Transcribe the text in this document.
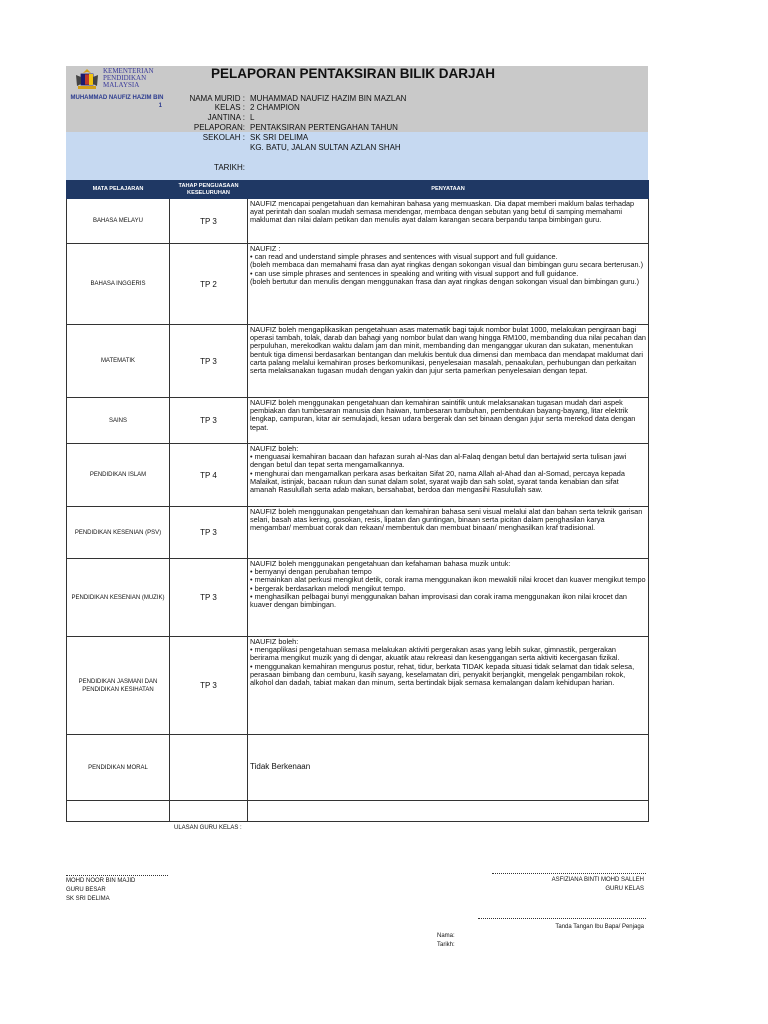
KEMENTERIAN
PENDIDIKAN
MALAYSIA
MUHAMMAD NAUFIZ HAZIM BIN
1
PELAPORAN PENTAKSIRAN BILIK DARJAH
NAMA MURID : MUHAMMAD NAUFIZ HAZIM BIN MAZLAN
KELAS : 2 CHAMPION
JANTINA : L
PELAPORAN: PENTAKSIRAN PERTENGAHAN TAHUN
SEKOLAH : SK SRI DELIMA
KG. BATU, JALAN SULTAN AZLAN SHAH
TARIKH:
MATA PELAJARAN	TAHAP PENGUASAAN KESELURUHAN	PENYATAAN
BAHASA MELAYU	TP 3	NAUFIZ mencapai pengetahuan dan kemahiran bahasa yang memuaskan. Dia dapat memberi maklum balas terhadap ayat perintah dan soalan mudah semasa mendengar, membaca dengan sebutan yang betul di samping memahami maklumat dan nilai dalam petikan dan menulis ayat dalam karangan secara berpandu tanpa bimbingan guru.
BAHASA INGGERIS	TP 2	NAUFIZ :
• can read and understand simple phrases and sentences with visual support and full guidance.
(boleh membaca dan memahami frasa dan ayat ringkas dengan sokongan visual dan bimbingan guru secara berterusan.)
• can use simple phrases and sentences in speaking and writing with visual support and full guidance.
(boleh bertutur dan menulis dengan menggunakan frasa dan ayat ringkas dengan sokongan visual dan bimbingan guru.)
MATEMATIK	TP 3	NAUFIZ boleh mengaplikasikan pengetahuan asas matematik bagi tajuk nombor bulat 1000, melakukan pengiraan bagi operasi tambah, tolak, darab dan bahagi yang nombor bulat dan wang hingga RM100, membanding dua nilai pecahan dan perpuluhan, merekodkan waktu dalam jam dan minit, membanding dan menganggar ukuran dan sukatan, menentukan bentuk tiga dimensi berdasarkan bentangan dan melukis bentuk dua dimensi dan membaca dan mendapat maklumat dari carta palang melalui kemahiran proses berkomunikasi, penyelesaian masalah, penaakulan, perhubungan dan perkaitan serta melaksanakan tugasan mudah dengan yakin dan jujur serta pamerkan penyelesaian dengan tepat.
SAINS	TP 3	NAUFIZ boleh menggunakan pengetahuan dan kemahiran saintifik untuk melaksanakan tugasan mudah dari aspek pembiakan dan tumbesaran manusia dan haiwan, tumbesaran tumbuhan, pembentukan bayang-bayang, litar elektrik lengkap, campuran, kitar air semulajadi, kesan udara bergerak dan set binaan dengan jujur serta merekod data dengan tepat.
PENDIDIKAN ISLAM	TP 4	NAUFIZ boleh:
• menguasai kemahiran bacaan dan hafazan surah al-Nas dan al-Falaq dengan betul dan bertajwid serta tulisan jawi dengan betul dan tepat serta mengamalkannya.
• menghurai dan mengamalkan perkara asas berkaitan Sifat 20, nama Allah al-Ahad dan al-Somad, percaya kepada Malaikat, istinjak, bacaan rukun dan sunat dalam solat, syarat wajib dan sah solat, syarat tanda kenabian dan sifat amanah Rasulullah serta adab makan, bersahabat, berdoa dan mengasihi Rasulullah saw.
PENDIDIKAN KESENIAN (PSV)	TP 3	NAUFIZ boleh menggunakan pengetahuan dan kemahiran bahasa seni visual melalui alat dan bahan serta teknik garisan selari, basah atas kering, gosokan, resis, lipatan dan guntingan, binaan serta picitan dalam penghasilan karya mengambar/ membuat corak dan rekaan/ membentuk dan membuat binaan/ menghasilkan kraf tradisional.
PENDIDIKAN KESENIAN (MUZIK)	TP 3	NAUFIZ boleh menggunakan pengetahuan dan kefahaman bahasa muzik untuk:
• bernyanyi dengan perubahan tempo
• memainkan alat perkusi mengikut detik, corak irama menggunakan ikon mewakili nilai krocet dan kuaver mengikut tempo
• bergerak berdasarkan melodi mengikut tempo.
• menghasilkan pelbagai bunyi menggunakan bahan improvisasi dan corak irama menggunakan ikon nilai krocet dan kuaver dengan bimbingan.
PENDIDIKAN JASMANI DAN PENDIDIKAN KESIHATAN	TP 3	NAUFIZ boleh:
• mengaplikasi pengetahuan semasa melakukan aktiviti pergerakan asas yang lebih sukar, gimnastik, pergerakan berirama mengikut muzik yang di dengar, akuatik atau rekreasi dan kesenggangan serta aktiviti kecergasan fizikal.
• menggunakan kemahiran mengurus postur, rehat, tidur, berkata TIDAK kepada situasi tidak selamat dan tidak selesa, perasaan bimbang dan cemburu, kasih sayang, keselamatan diri, penyakit berjangkit, mengelak pengambilan rokok, alkohol dan dadah, tabiat makan dan minum, serta bertindak bijak semasa kemalangan dalam kehidupan harian.
PENDIDIKAN MORAL		Tidak Berkenaan

ULASAN GURU KELAS :
MOHD NOOR BIN MAJID
GURU BESAR
SK SRI DELIMA
ASFIZIANA BINTI MOHD SALLEH
GURU KELAS
Tanda Tangan Ibu Bapa/ Penjaga
Nama:
Tarikh:
